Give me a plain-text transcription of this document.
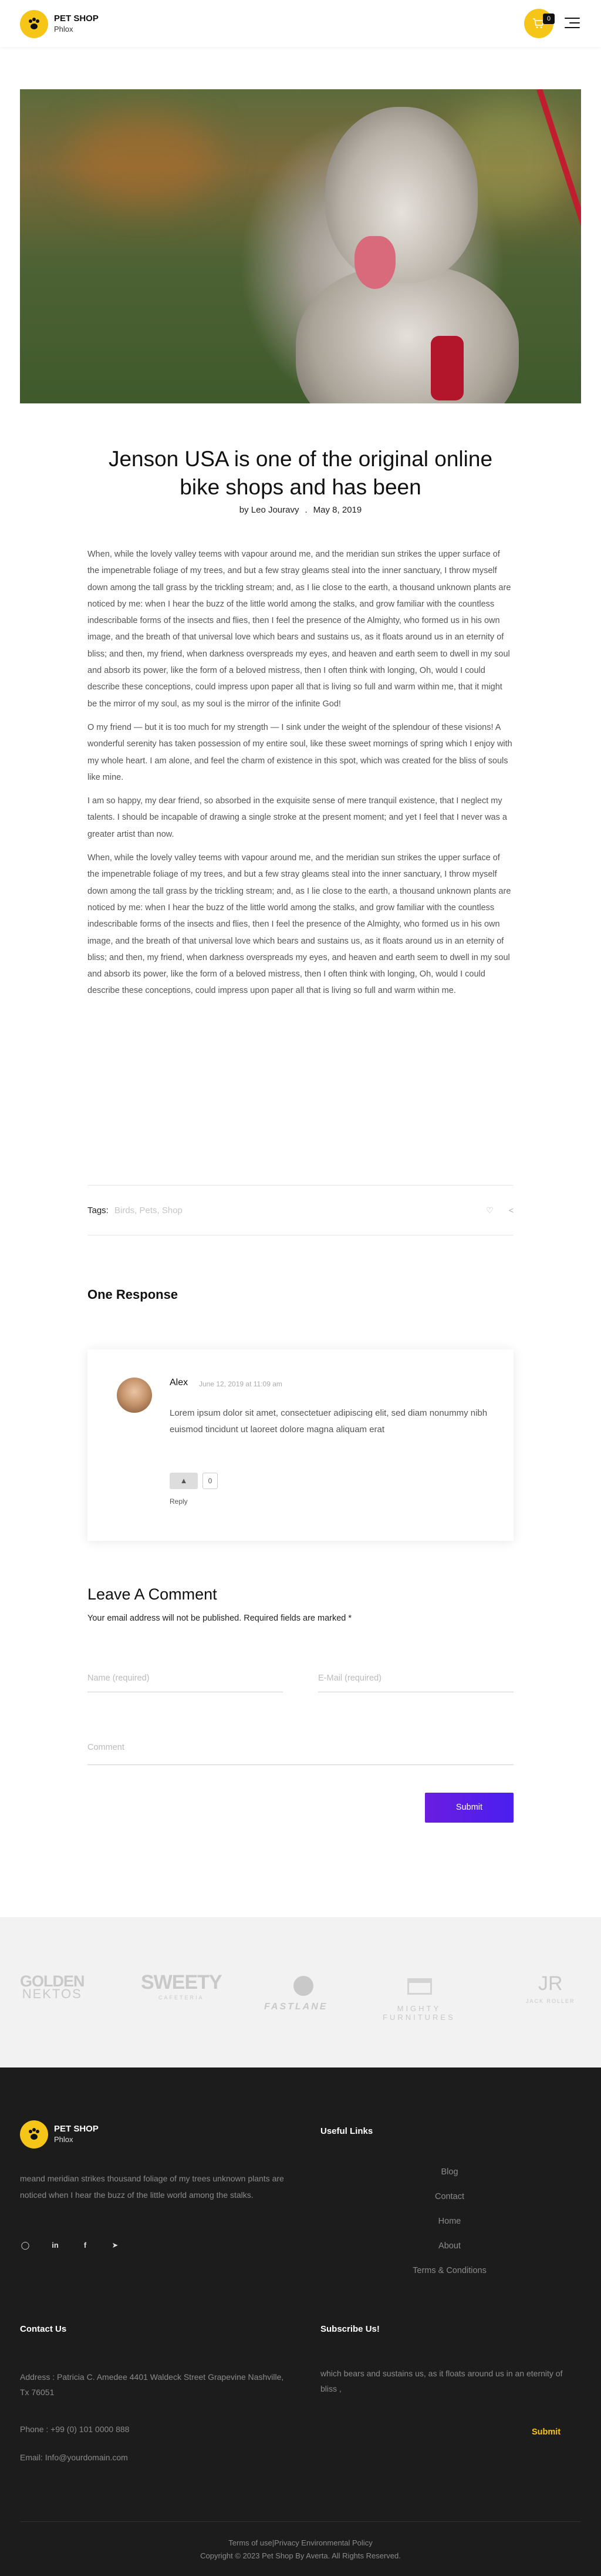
PET SHOP
Phlox
0
Jenson USA is one of the original online bike shops and has been
by Leo Jouravy . May 8, 2019

When, while the lovely valley teems with vapour around me, and the meridian sun strikes the upper surface of the impenetrable foliage of my trees, and but a few stray gleams steal into the inner sanctuary, I throw myself down among the tall grass by the trickling stream; and, as I lie close to the earth, a thousand unknown plants are noticed by me: when I hear the buzz of the little world among the stalks, and grow familiar with the countless indescribable forms of the insects and flies, then I feel the presence of the Almighty, who formed us in his own image, and the breath of that universal love which bears and sustains us, as it floats around us in an eternity of bliss; and then, my friend, when darkness overspreads my eyes, and heaven and earth seem to dwell in my soul and absorb its power, like the form of a beloved mistress, then I often think with longing, Oh, would I could describe these conceptions, could impress upon paper all that is living so full and warm within me, that it might be the mirror of my soul, as my soul is the mirror of the infinite God!

O my friend — but it is too much for my strength — I sink under the weight of the splendour of these visions! A wonderful serenity has taken possession of my entire soul, like these sweet mornings of spring which I enjoy with my whole heart. I am alone, and feel the charm of existence in this spot, which was created for the bliss of souls like mine.

I am so happy, my dear friend, so absorbed in the exquisite sense of mere tranquil existence, that I neglect my talents. I should be incapable of drawing a single stroke at the present moment; and yet I feel that I never was a greater artist than now.

When, while the lovely valley teems with vapour around me, and the meridian sun strikes the upper surface of the impenetrable foliage of my trees, and but a few stray gleams steal into the inner sanctuary, I throw myself down among the tall grass by the trickling stream; and, as I lie close to the earth, a thousand unknown plants are noticed by me: when I hear the buzz of the little world among the stalks, and grow familiar with the countless indescribable forms of the insects and flies, then I feel the presence of the Almighty, who formed us in his own image, and the breath of that universal love which bears and sustains us, as it floats around us in an eternity of bliss; and then, my friend, when darkness overspreads my eyes, and heaven and earth seem to dwell in my soul and absorb its power, like the form of a beloved mistress, then I often think with longing, Oh, would I could describe these conceptions, could impress upon paper all that is living so full and warm within me.

Tags: Birds, Pets, Shop	♡ <
One Response
Alex June 12, 2019 at 11:09 am
Lorem ipsum dolor sit amet, consectetuer adipiscing elit, sed diam nonummy nibh euismod tincidunt ut laoreet dolore magna aliquam erat
▲	0
Reply
Leave A Comment
Your email address will not be published. Required fields are marked *
Name (required)	E-Mail (required)
Comment
Submit
GOLDEN
NEKTOS
SWEETY
CAFETERIA
FASTLANE	MIGHTY
FURNITURES
JR
JACK ROLLER
PET SHOP
Phlox
meand meridian strikes thousand foliage of my trees unknown plants are noticed when I hear the buzz of the little world among the stalks.
◯	in	f	➤
Useful Links
Blog
Contact
Home
About
Terms & Conditions
Contact Us
Address : Patricia C. Amedee 4401 Waldeck Street Grapevine Nashville, Tx 76051
Phone : +99 (0) 101 0000 888
Email: Info@yourdomain.com
Subscribe Us!
which bears and sustains us, as it floats around us in an eternity of bliss ,
Submit
Terms of use|Privacy Environmental Policy
Copyright © 2023 Pet Shop By Averta. All Rights Reserved.
